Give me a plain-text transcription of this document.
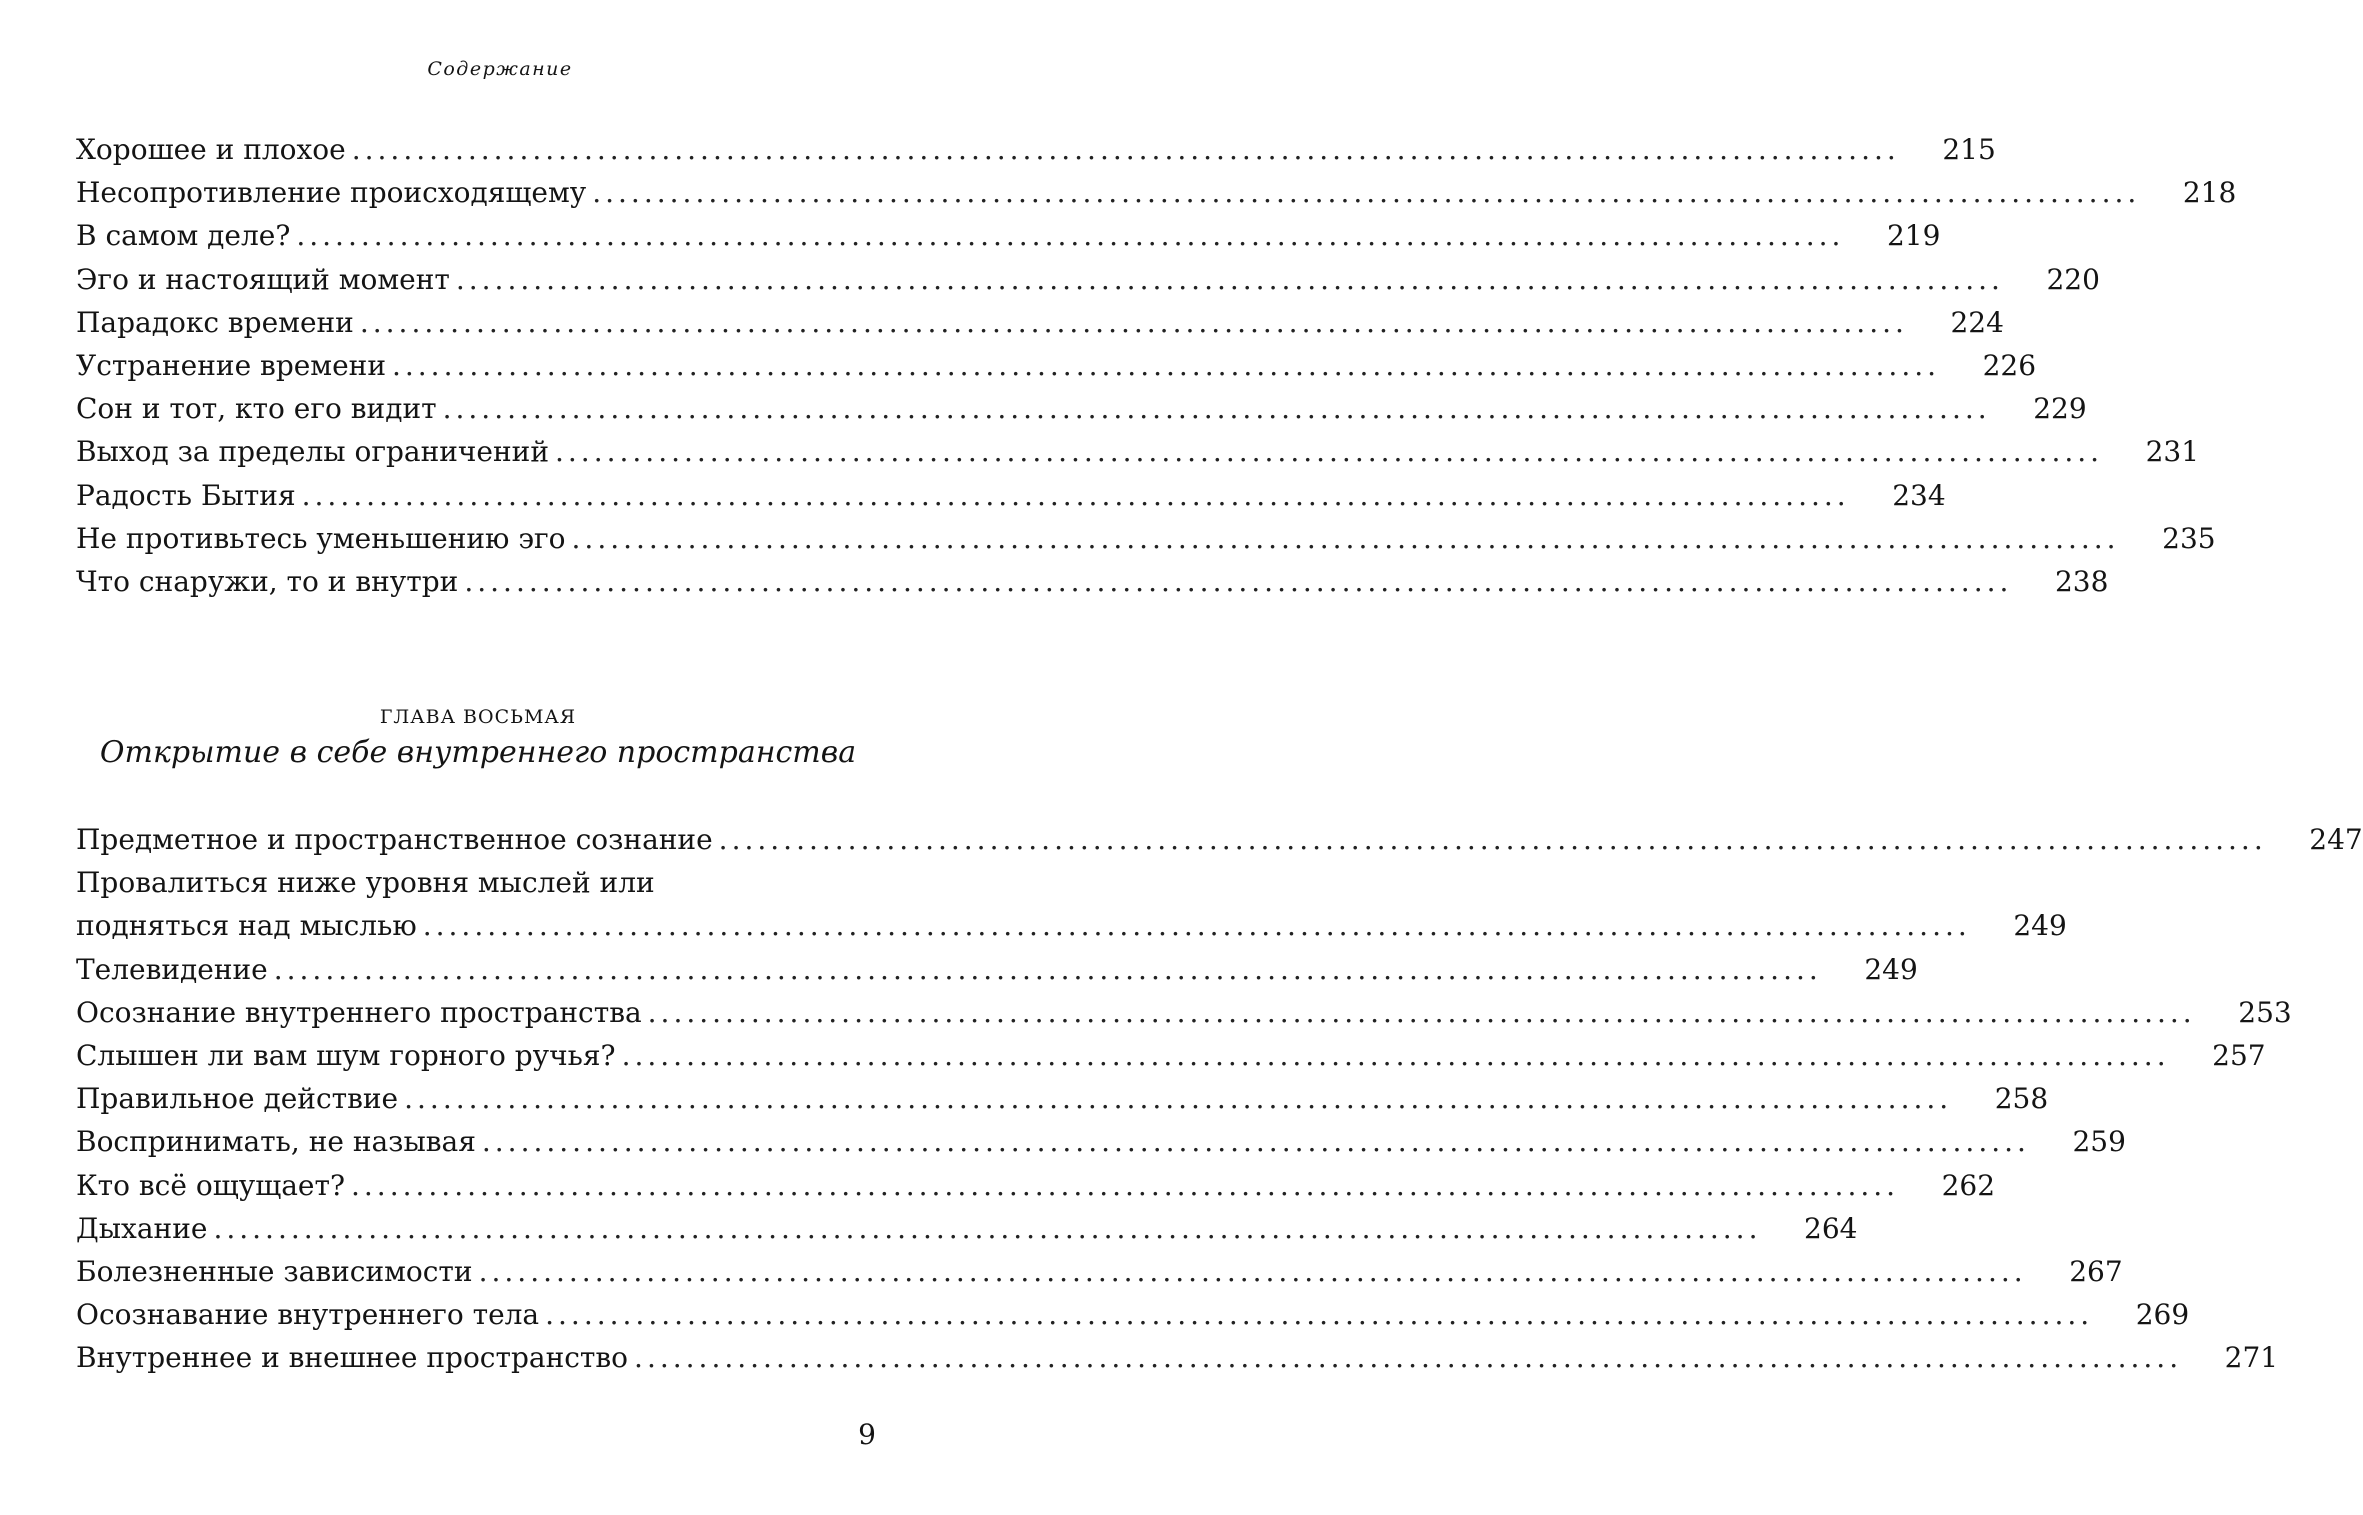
Содержание
Хорошее и плохое ........................................................................................................................	215
Несопротивление происходящему ........................................................................................................................	218
В самом деле? ........................................................................................................................	219
Эго и настоящий момент ........................................................................................................................	220
Парадокс времени ........................................................................................................................	224
Устранение времени ........................................................................................................................	226
Сон и тот, кто его видит ........................................................................................................................	229
Выход за пределы ограничений ........................................................................................................................	231
Радость Бытия ........................................................................................................................	234
Не противьтесь уменьшению эго ........................................................................................................................	235
Что снаружи, то и внутри ........................................................................................................................	238
ГЛАВА ВОСЬМАЯ
Открытие в себе внутреннего пространства
Предметное и пространственное сознание ........................................................................................................................	247
Провалиться ниже уровня мыслей или
подняться над мыслью ........................................................................................................................	249
Телевидение ........................................................................................................................	249
Осознание внутреннего пространства ........................................................................................................................	253
Слышен ли вам шум горного ручья? ........................................................................................................................	257
Правильное действие ........................................................................................................................	258
Воспринимать, не называя ........................................................................................................................	259
Кто всё ощущает? ........................................................................................................................	262
Дыхание ........................................................................................................................	264
Болезненные зависимости ........................................................................................................................	267
Осознавание внутреннего тела ........................................................................................................................	269
Внутреннее и внешнее пространство ........................................................................................................................	271
9
